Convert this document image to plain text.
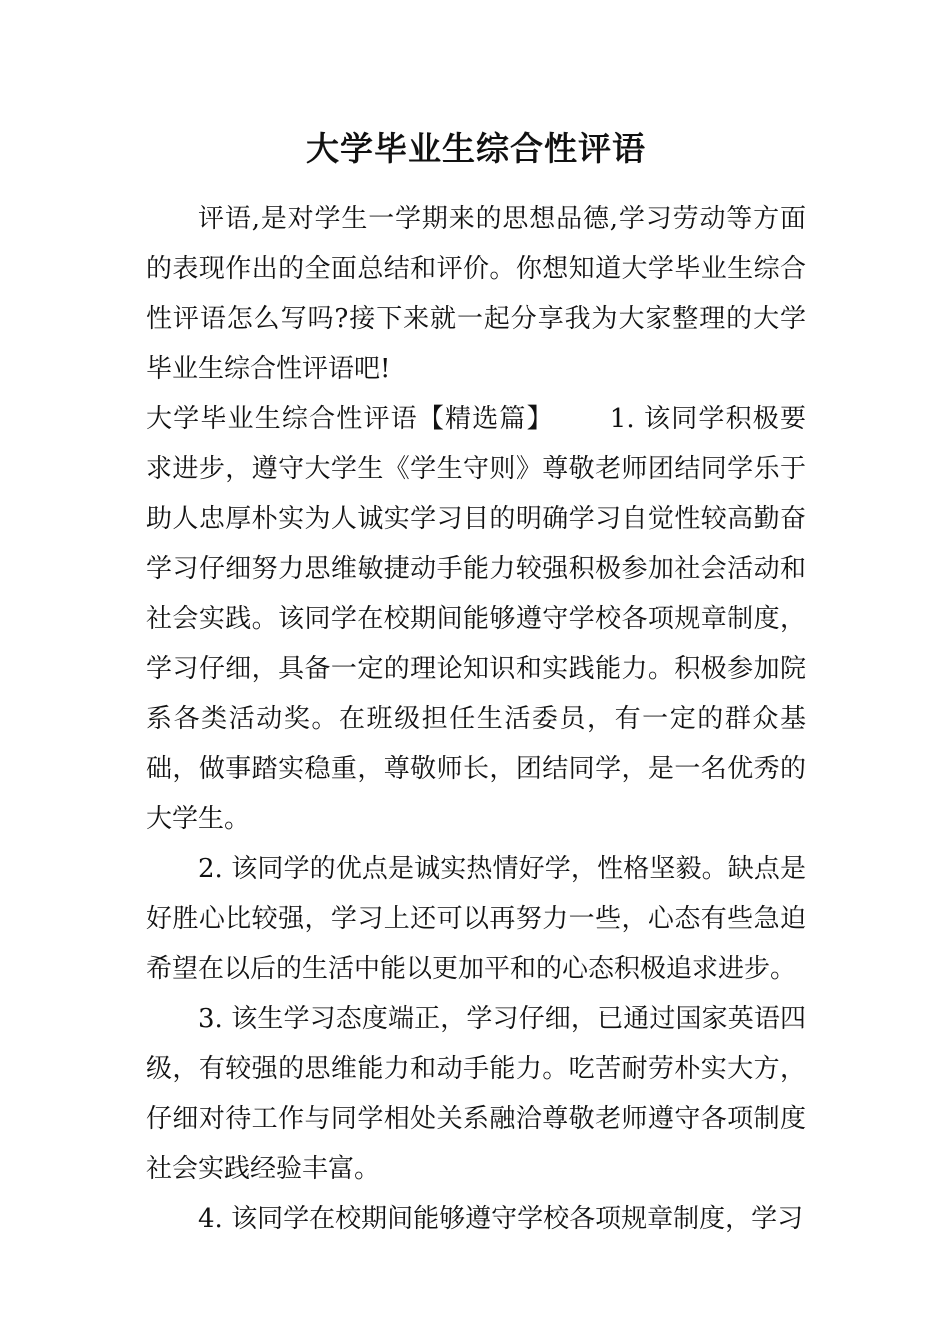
大学毕业生综合性评语

评语,是对学生一学期来的思想品德,学习劳动等方面的表现作出的全面总结和评价。你想知道大学毕业生综合性评语怎么写吗?接下来就一起分享我为大家整理的大学毕业生综合性评语吧!

大学毕业生综合性评语【精选篇】 1. 该同学积极要求进步，遵守大学生《学生守则》尊敬老师团结同学乐于助人忠厚朴实为人诚实学习目的明确学习自觉性较高勤奋学习仔细努力思维敏捷动手能力较强积极参加社会活动和社会实践。该同学在校期间能够遵守学校各项规章制度，学习仔细，具备一定的理论知识和实践能力。积极参加院系各类活动奖。在班级担任生活委员，有一定的群众基础，做事踏实稳重，尊敬师长，团结同学，是一名优秀的大学生。

2. 该同学的优点是诚实热情好学，性格坚毅。缺点是好胜心比较强，学习上还可以再努力一些，心态有些急迫希望在以后的生活中能以更加平和的心态积极追求进步。

3. 该生学习态度端正，学习仔细，已通过国家英语四级，有较强的思维能力和动手能力。吃苦耐劳朴实大方，仔细对待工作与同学相处关系融洽尊敬老师遵守各项制度社会实践经验丰富。

4. 该同学在校期间能够遵守学校各项规章制度，学习
